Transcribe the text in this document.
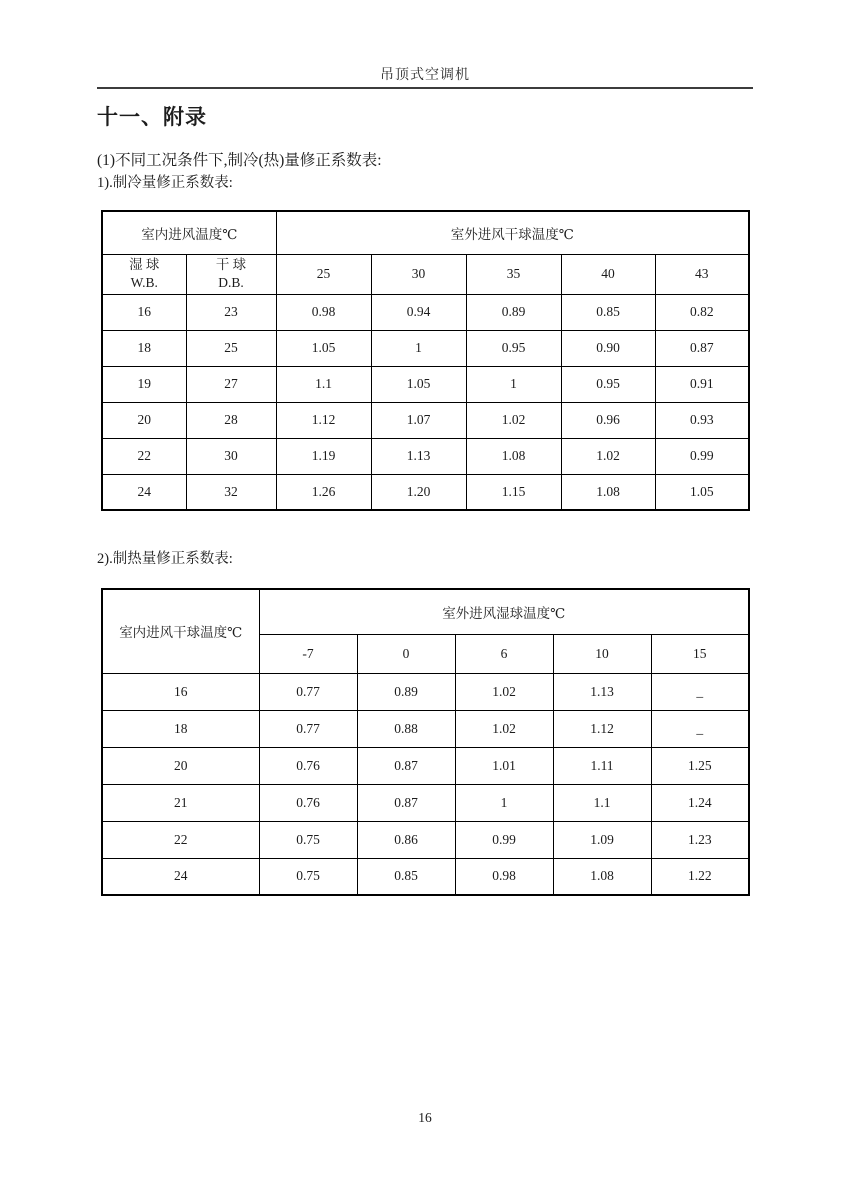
吊顶式空调机
十一、附录
(1)不同工况条件下,制冷(热)量修正系数表:
1).制冷量修正系数表:
室内进风温度℃		室外进风干球温度℃				

湿 球
W.B.	干 球
D.B.	25	30	35	40	43
16	23	0.98	0.94	0.89	0.85	0.82
18	25	1.05	1	0.95	0.90	0.87
19	27	1.1	1.05	1	0.95	0.91
20	28	1.12	1.07	1.02	0.96	0.93
22	30	1.19	1.13	1.08	1.02	0.99
24	32	1.26	1.20	1.15	1.08	1.05
2).制热量修正系数表:
室内进风干球温度℃	室外进风湿球温度℃				
	-7	0	6	10	15
16	0.77	0.89	1.02	1.13	_
18	0.77	0.88	1.02	1.12	_
20	0.76	0.87	1.01	1.11	1.25
21	0.76	0.87	1	1.1	1.24
22	0.75	0.86	0.99	1.09	1.23
24	0.75	0.85	0.98	1.08	1.22
16
